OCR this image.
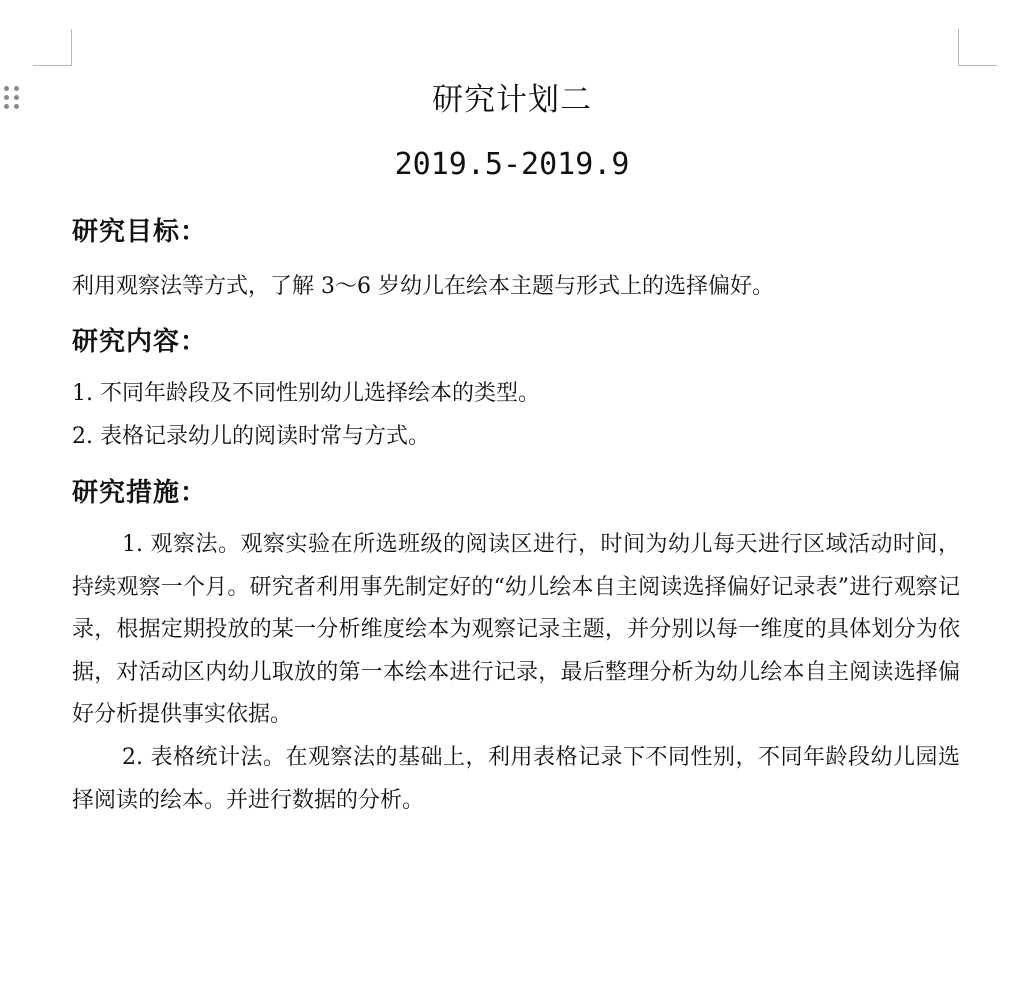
研究计划二
2019.5-2019.9
研究目标：
利用观察法等方式，了解 3～6 岁幼儿在绘本主题与形式上的选择偏好。
研究内容：
1. 不同年龄段及不同性别幼儿选择绘本的类型。
2. 表格记录幼儿的阅读时常与方式。
研究措施：
1. 观察法。观察实验在所选班级的阅读区进行，时间为幼儿每天进行区域活动时间，持续观察一个月。研究者利用事先制定好的“幼儿绘本自主阅读选择偏好记录表”进行观察记录，根据定期投放的某一分析维度绘本为观察记录主题，并分别以每一维度的具体划分为依据，对活动区内幼儿取放的第一本绘本进行记录，最后整理分析为幼儿绘本自主阅读选择偏好分析提供事实依据。
2. 表格统计法。在观察法的基础上，利用表格记录下不同性别，不同年龄段幼儿园选择阅读的绘本。并进行数据的分析。
